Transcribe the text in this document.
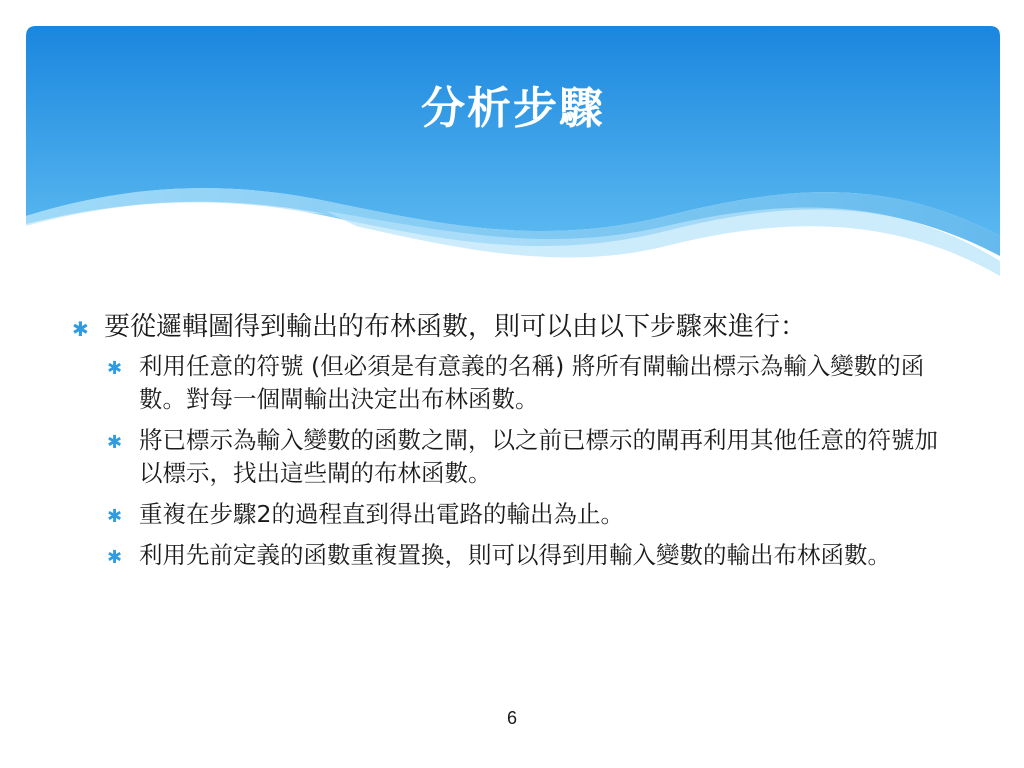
分析步驟
✱ 要從邏輯圖得到輸出的布林函數，則可以由以下步驟來進行：
✱ 利用任意的符號 (但必須是有意義的名稱) 將所有閘輸出標示為輸入變數的函數。對每一個閘輸出決定出布林函數。
✱ 將已標示為輸入變數的函數之閘，以之前已標示的閘再利用其他任意的符號加以標示，找出這些閘的布林函數。
✱ 重複在步驟2的過程直到得出電路的輸出為止。
✱ 利用先前定義的函數重複置換，則可以得到用輸入變數的輸出布林函數。
6
